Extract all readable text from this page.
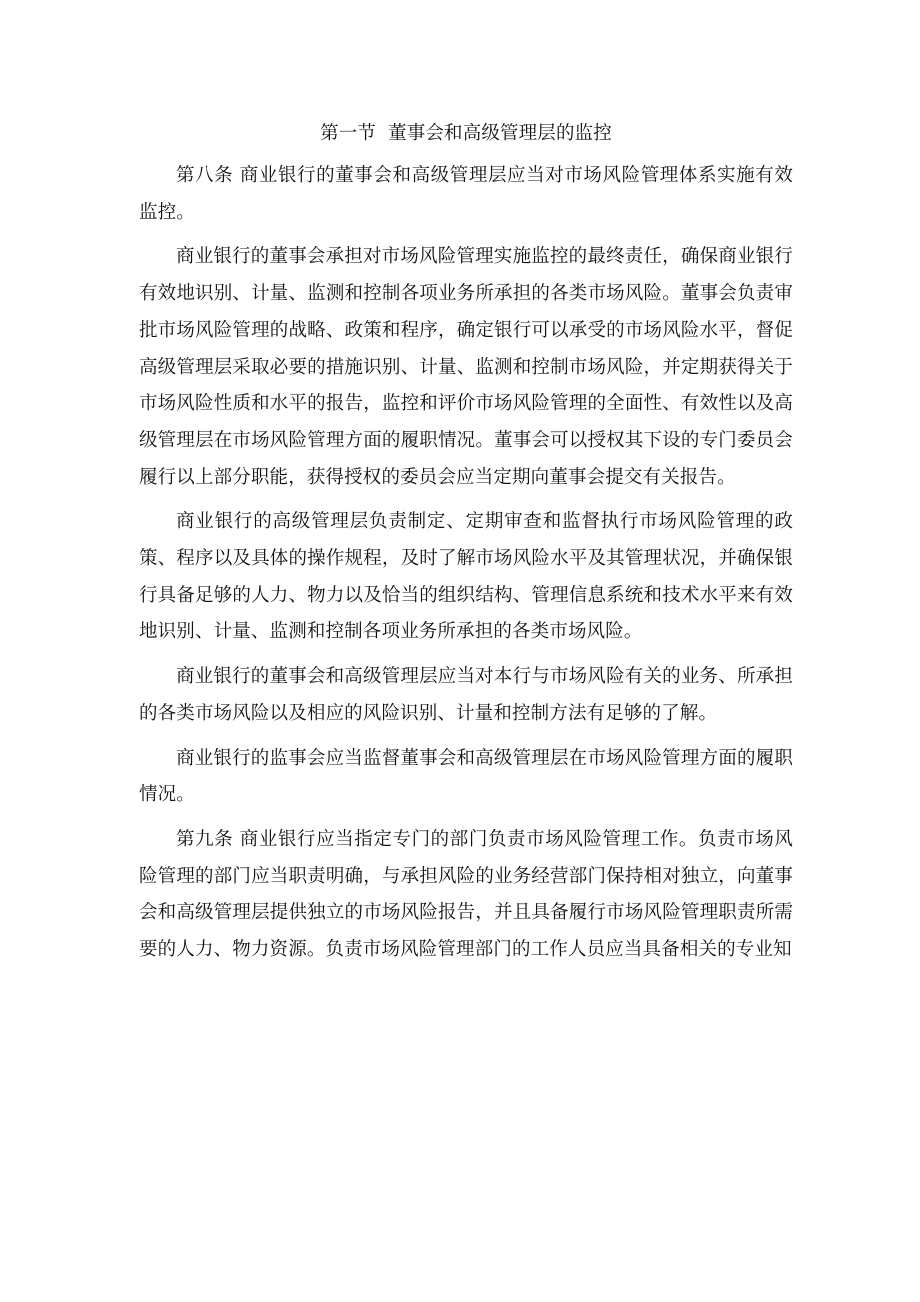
第一节  董事会和高级管理层的监控

第八条 商业银行的董事会和高级管理层应当对市场风险管理体系实施有效监控。

商业银行的董事会承担对市场风险管理实施监控的最终责任，确保商业银行有效地识别、计量、监测和控制各项业务所承担的各类市场风险。董事会负责审批市场风险管理的战略、政策和程序，确定银行可以承受的市场风险水平，督促高级管理层采取必要的措施识别、计量、监测和控制市场风险，并定期获得关于市场风险性质和水平的报告，监控和评价市场风险管理的全面性、有效性以及高级管理层在市场风险管理方面的履职情况。董事会可以授权其下设的专门委员会履行以上部分职能，获得授权的委员会应当定期向董事会提交有关报告。

商业银行的高级管理层负责制定、定期审查和监督执行市场风险管理的政策、程序以及具体的操作规程，及时了解市场风险水平及其管理状况，并确保银行具备足够的人力、物力以及恰当的组织结构、管理信息系统和技术水平来有效地识别、计量、监测和控制各项业务所承担的各类市场风险。

商业银行的董事会和高级管理层应当对本行与市场风险有关的业务、所承担的各类市场风险以及相应的风险识别、计量和控制方法有足够的了解。

商业银行的监事会应当监督董事会和高级管理层在市场风险管理方面的履职情况。

第九条 商业银行应当指定专门的部门负责市场风险管理工作。负责市场风险管理的部门应当职责明确，与承担风险的业务经营部门保持相对独立，向董事会和高级管理层提供独立的市场风险报告，并且具备履行市场风险管理职责所需要的人力、物力资源。负责市场风险管理部门的工作人员应当具备相关的专业知
